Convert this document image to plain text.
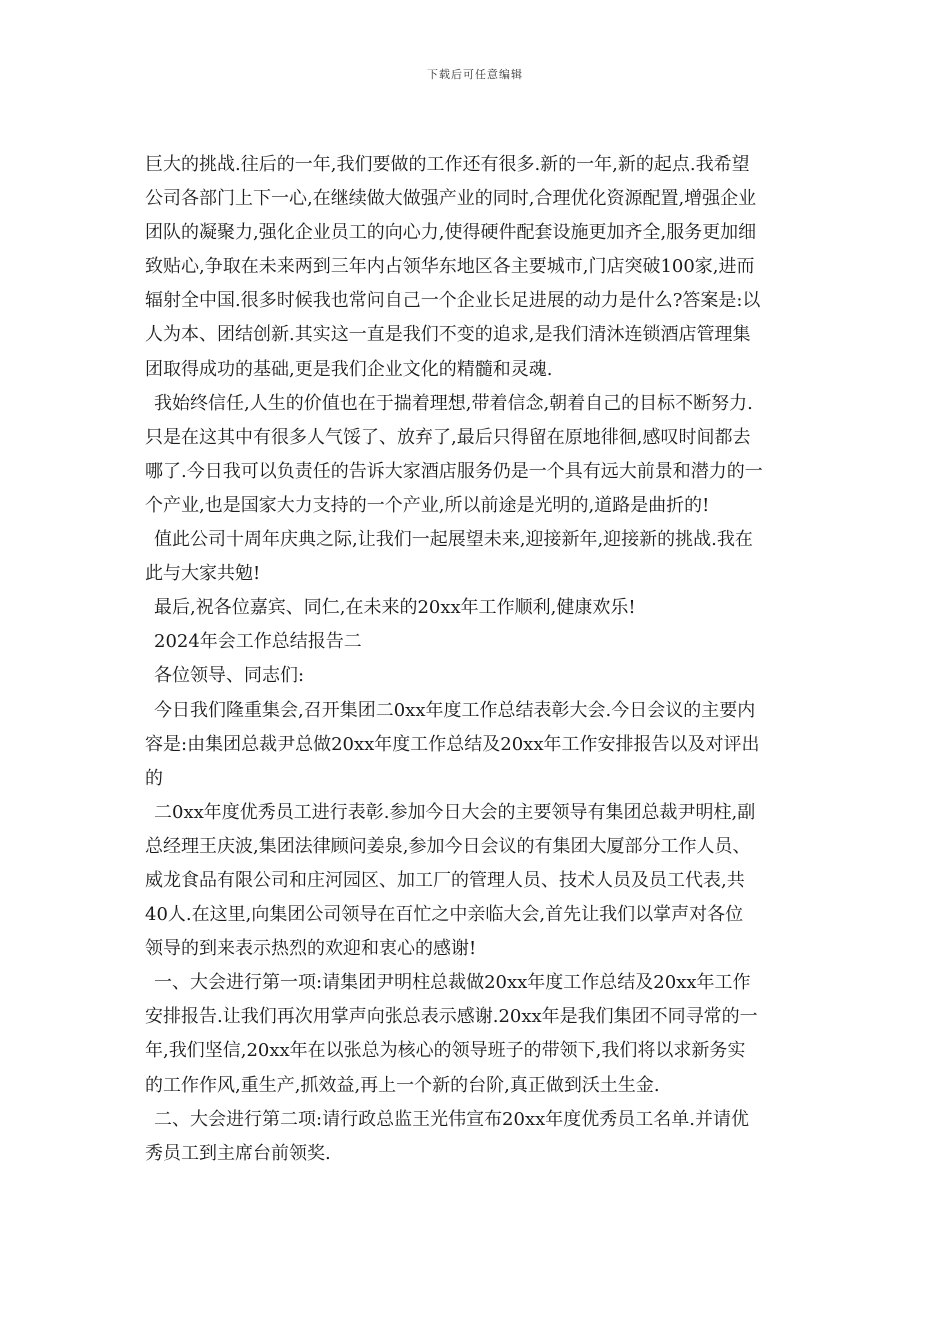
下载后可任意编辑
巨大的挑战.往后的一年,我们要做的工作还有很多.新的一年,新的起点.我希望
公司各部门上下一心,在继续做大做强产业的同时,合理优化资源配置,增强企业
团队的凝聚力,强化企业员工的向心力,使得硬件配套设施更加齐全,服务更加细
致贴心,争取在未来两到三年内占领华东地区各主要城市,门店突破100家,进而
辐射全中国.很多时候我也常问自己一个企业长足进展的动力是什么?答案是:以
人为本、团结创新.其实这一直是我们不变的追求,是我们清沐连锁酒店管理集
团取得成功的基础,更是我们企业文化的精髓和灵魂.
我始终信任,人生的价值也在于揣着理想,带着信念,朝着自己的目标不断努力.
只是在这其中有很多人气馁了、放弃了,最后只得留在原地徘徊,感叹时间都去
哪了.今日我可以负责任的告诉大家酒店服务仍是一个具有远大前景和潜力的一
个产业,也是国家大力支持的一个产业,所以前途是光明的,道路是曲折的!
值此公司十周年庆典之际,让我们一起展望未来,迎接新年,迎接新的挑战.我在
此与大家共勉!
最后,祝各位嘉宾、同仁,在未来的20xx年工作顺利,健康欢乐!
2024年会工作总结报告二
各位领导、同志们:
今日我们隆重集会,召开集团二0xx年度工作总结表彰大会.今日会议的主要内
容是:由集团总裁尹总做20xx年度工作总结及20xx年工作安排报告以及对评出
的
二0xx年度优秀员工进行表彰.参加今日大会的主要领导有集团总裁尹明柱,副
总经理王庆波,集团法律顾问姜泉,参加今日会议的有集团大厦部分工作人员、
威龙食品有限公司和庄河园区、加工厂的管理人员、技术人员及员工代表,共
40人.在这里,向集团公司领导在百忙之中亲临大会,首先让我们以掌声对各位
领导的到来表示热烈的欢迎和衷心的感谢!
一、大会进行第一项:请集团尹明柱总裁做20xx年度工作总结及20xx年工作
安排报告.让我们再次用掌声向张总表示感谢.20xx年是我们集团不同寻常的一
年,我们坚信,20xx年在以张总为核心的领导班子的带领下,我们将以求新务实
的工作作风,重生产,抓效益,再上一个新的台阶,真正做到沃土生金.
二、大会进行第二项:请行政总监王光伟宣布20xx年度优秀员工名单.并请优
秀员工到主席台前领奖.
